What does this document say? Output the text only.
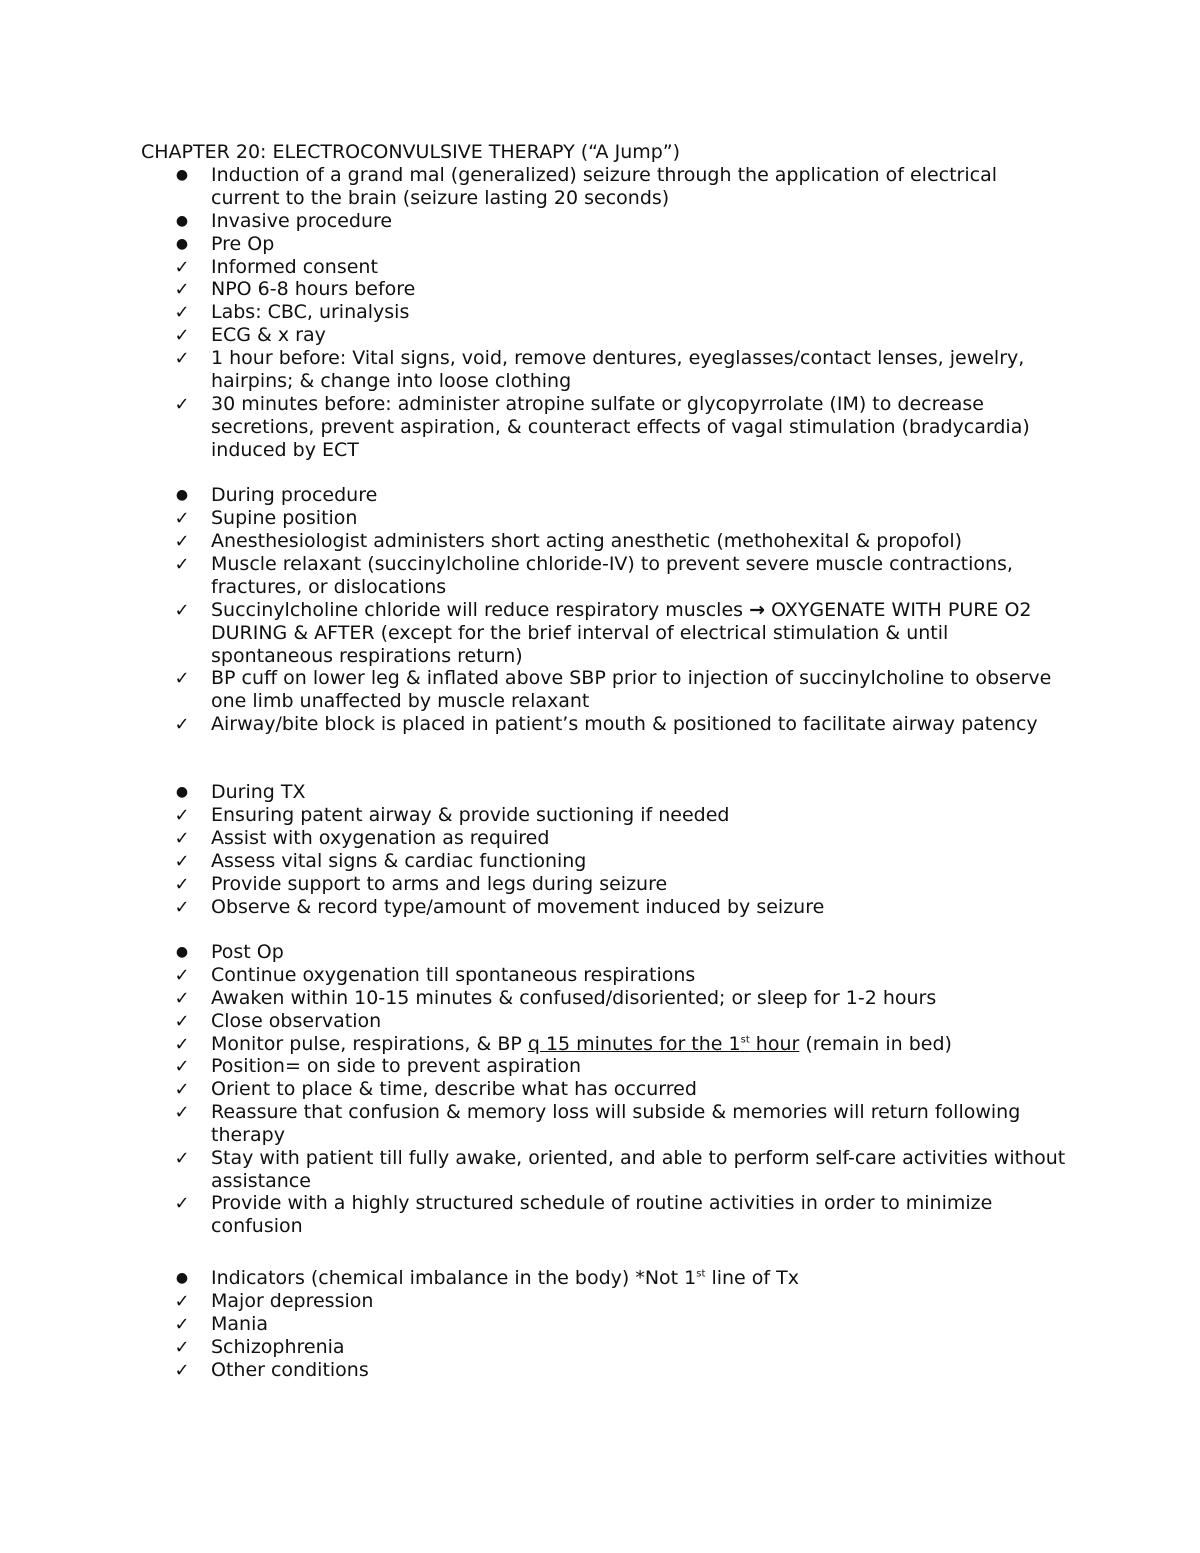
CHAPTER 20: ELECTROCONVULSIVE THERAPY (“A Jump”)
●	Induction of a grand mal (generalized) seizure through the application of electrical current to the brain (seizure lasting 20 seconds)
●	Invasive procedure
●	Pre Op
✓ Informed consent
✓ NPO 6-8 hours before
✓ Labs: CBC, urinalysis
✓ ECG & x ray
✓ 1 hour before: Vital signs, void, remove dentures, eyeglasses/contact lenses, jewelry, hairpins; & change into loose clothing
✓ 30 minutes before: administer atropine sulfate or glycopyrrolate (IM) to decrease secretions, prevent aspiration, & counteract effects of vagal stimulation (bradycardia) induced by ECT
●	During procedure
✓ Supine position
✓ Anesthesiologist administers short acting anesthetic (methohexital & propofol)
✓ Muscle relaxant (succinylcholine chloride-IV) to prevent severe muscle contractions, fractures, or dislocations
✓ Succinylcholine chloride will reduce respiratory muscles → OXYGENATE WITH PURE O2 DURING & AFTER (except for the brief interval of electrical stimulation & until spontaneous respirations return)
✓ BP cuff on lower leg & inflated above SBP prior to injection of succinylcholine to observe one limb unaffected by muscle relaxant
✓ Airway/bite block is placed in patient’s mouth & positioned to facilitate airway patency
●	During TX
✓ Ensuring patent airway & provide suctioning if needed
✓ Assist with oxygenation as required
✓ Assess vital signs & cardiac functioning
✓ Provide support to arms and legs during seizure
✓ Observe & record type/amount of movement induced by seizure
●	Post Op
✓ Continue oxygenation till spontaneous respirations
✓ Awaken within 10-15 minutes & confused/disoriented; or sleep for 1-2 hours
✓ Close observation
✓ Monitor pulse, respirations, & BP q 15 minutes for the 1st hour (remain in bed)
✓ Position= on side to prevent aspiration
✓ Orient to place & time, describe what has occurred
✓ Reassure that confusion & memory loss will subside & memories will return following therapy
✓ Stay with patient till fully awake, oriented, and able to perform self-care activities without assistance
✓ Provide with a highly structured schedule of routine activities in order to minimize confusion
●	Indicators (chemical imbalance in the body) *Not 1st line of Tx
✓ Major depression
✓ Mania
✓ Schizophrenia
✓ Other conditions
